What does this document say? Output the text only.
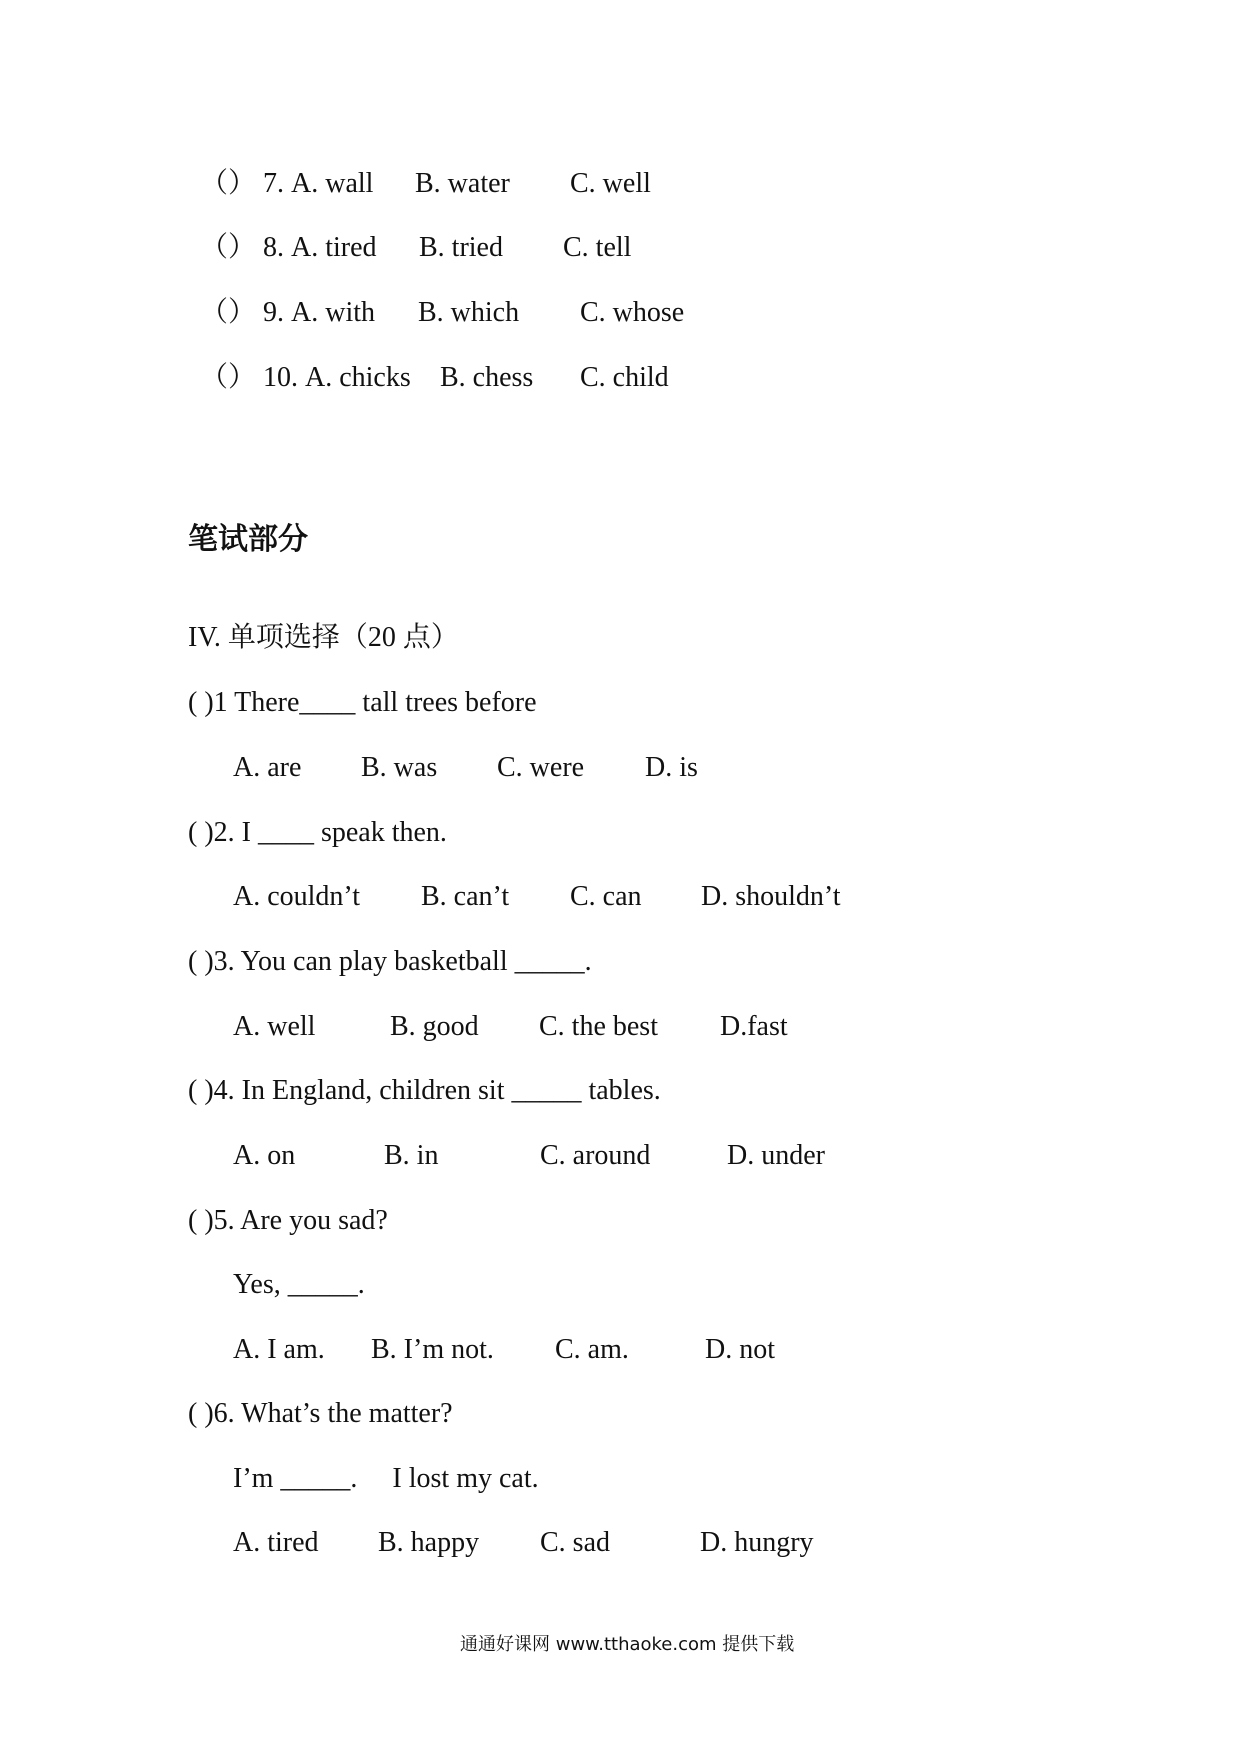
（） 7. A. wall B. water C. well
（） 8. A. tired B. tried C. tell
（） 9. A. with B. which C. whose
（） 10. A. chicks B. chess C. child
笔试部分
IV. 单项选择（20 点）
( )1 There____ tall trees before
A. are B. was C. were D. is
( )2. I ____ speak then.
A. couldn’t B. can’t C. can D. shouldn’t
( )3. You can play basketball _____.
A. well	B. good C. the best D.fast
( )4. In England, children sit _____ tables.
A. on	B. in	C. around	D. under
( )5. Are you sad?
Yes, _____.
A. I am. B. I’m not. C. am.	D. not
( )6. What’s the matter?
I’m _____.     I lost my cat.
A. tired B. happy C. sad	D. hungry
通通好课网 www.tthaoke.com 提供下载
